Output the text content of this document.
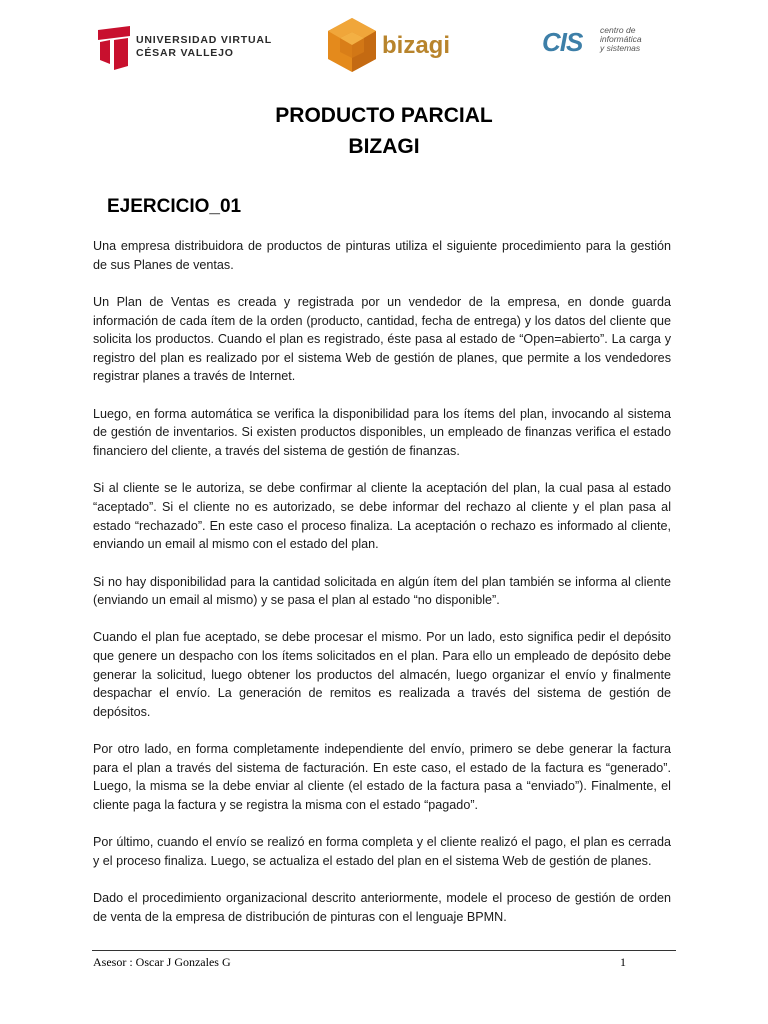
UNIVERSIDAD VIRTUAL
CÉSAR VALLEJO	bizagi	CIS centro de
informática
y sistemas
PRODUCTO PARCIAL
BIZAGI
EJERCICIO_01

Una empresa distribuidora de productos de pinturas utiliza el siguiente procedimiento para la gestión de sus Planes de ventas.

Un Plan de Ventas es creada y registrada por un vendedor de la empresa, en donde guarda información de cada ítem de la orden (producto, cantidad, fecha de entrega) y los datos del cliente que solicita los productos. Cuando el plan es registrado, éste pasa al estado de “Open=abierto”. La carga y registro del plan es realizado por el sistema Web de gestión de planes, que permite a los vendedores registrar planes a través de Internet.

Luego, en forma automática se verifica la disponibilidad para los ítems del plan, invocando al sistema de gestión de inventarios. Si existen productos disponibles, un empleado de finanzas verifica el estado financiero del cliente, a través del sistema de gestión de finanzas.

Si al cliente se le autoriza, se debe confirmar al cliente la aceptación del plan, la cual pasa al estado “aceptado”. Si el cliente no es autorizado, se debe informar del rechazo al cliente y el plan pasa al estado “rechazado”. En este caso el proceso finaliza. La aceptación o rechazo es informado al cliente, enviando un email al mismo con el estado del plan.

Si no hay disponibilidad para la cantidad solicitada en algún ítem del plan también se informa al cliente (enviando un email al mismo) y se pasa el plan al estado “no disponible”.

Cuando el plan fue aceptado, se debe procesar el mismo. Por un lado, esto significa pedir el depósito que genere un despacho con los ítems solicitados en el plan. Para ello un empleado de depósito debe generar la solicitud, luego obtener los productos del almacén, luego organizar el envío y finalmente despachar el envío. La generación de remitos es realizada a través del sistema de gestión de depósitos.

Por otro lado, en forma completamente independiente del envío, primero se debe generar la factura para el plan a través del sistema de facturación. En este caso, el estado de la factura es “generado”. Luego, la misma se la debe enviar al cliente (el estado de la factura pasa a “enviado”). Finalmente, el cliente paga la factura y se registra la misma con el estado “pagado”.

Por último, cuando el envío se realizó en forma completa y el cliente realizó el pago, el plan es cerrada y el proceso finaliza. Luego, se actualiza el estado del plan en el sistema Web de gestión de planes.

Dado el procedimiento organizacional descrito anteriormente, modele el proceso de gestión de orden de venta de la empresa de distribución de pinturas con el lenguaje BPMN.

Asesor : Oscar J Gonzales G	1
